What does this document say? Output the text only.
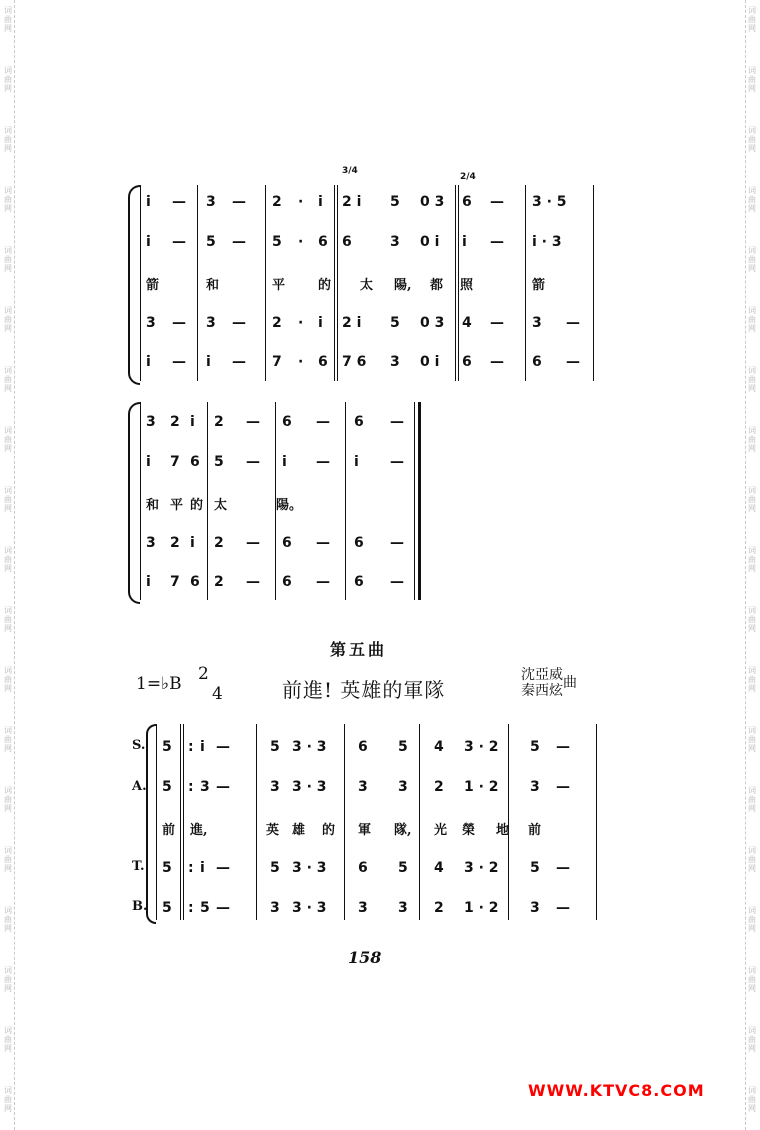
词
曲
网
词
曲
网
词
曲
网
词
曲
网
词
曲
网
词
曲
网
词
曲
网
词
曲
网
词
曲
网
词
曲
网
词
曲
网
词
曲
网
词
曲
网
词
曲
网
词
曲
网
词
曲
网
词
曲
网
词
曲
网
词
曲
网
词
曲
网
词
曲
网
词
曲
网
词
曲
网
词
曲
网
词
曲
网
词
曲
网
词
曲
网
词
曲
网
词
曲
网
词
曲
网
词
曲
网
词
曲
网
词
曲
网
词
曲
网
词
曲
网
词
曲
网
词
曲
网
词
曲
网
3/4
2/4
i — 3 — 2 · i 2 i 5 0 3 6 — 3 · 5
i — 5 — 5 · 6 6	3 0 i i — i · 3
箭	和	平	的 太 陽, 都 照	箭
3 — 3 — 2 · i 2 i 5 0 3 4 — 3 —
i — i — 7 · 6 7 6 3 0 i 6 — 6 —
3 2 i 2 — 6 — 6 —
i 7 6 5 — i — i —
和 平 的 太	陽。
3 2 i 2 — 6 — 6 —
i 7 6 2 — 6 — 6 —
第五曲
1=♭B 2
4	前進! 英雄的軍隊
沈亞威
秦西炫曲
S.
A.
T.
B.
5 : i —	5 3 · 3 6 5 4 3 · 2 5 —
5 : 3 —	3 3 · 3 3 3 2 1 · 2 3 —
前 進,	英 雄 的 軍 隊, 光 榮 地 前
5 : i —	5 3 · 3 6 5 4 3 · 2 5 —
5 : 5 —	3 3 · 3 3 3 2 1 · 2 3 —
158
WWW.KTVC8.COM
